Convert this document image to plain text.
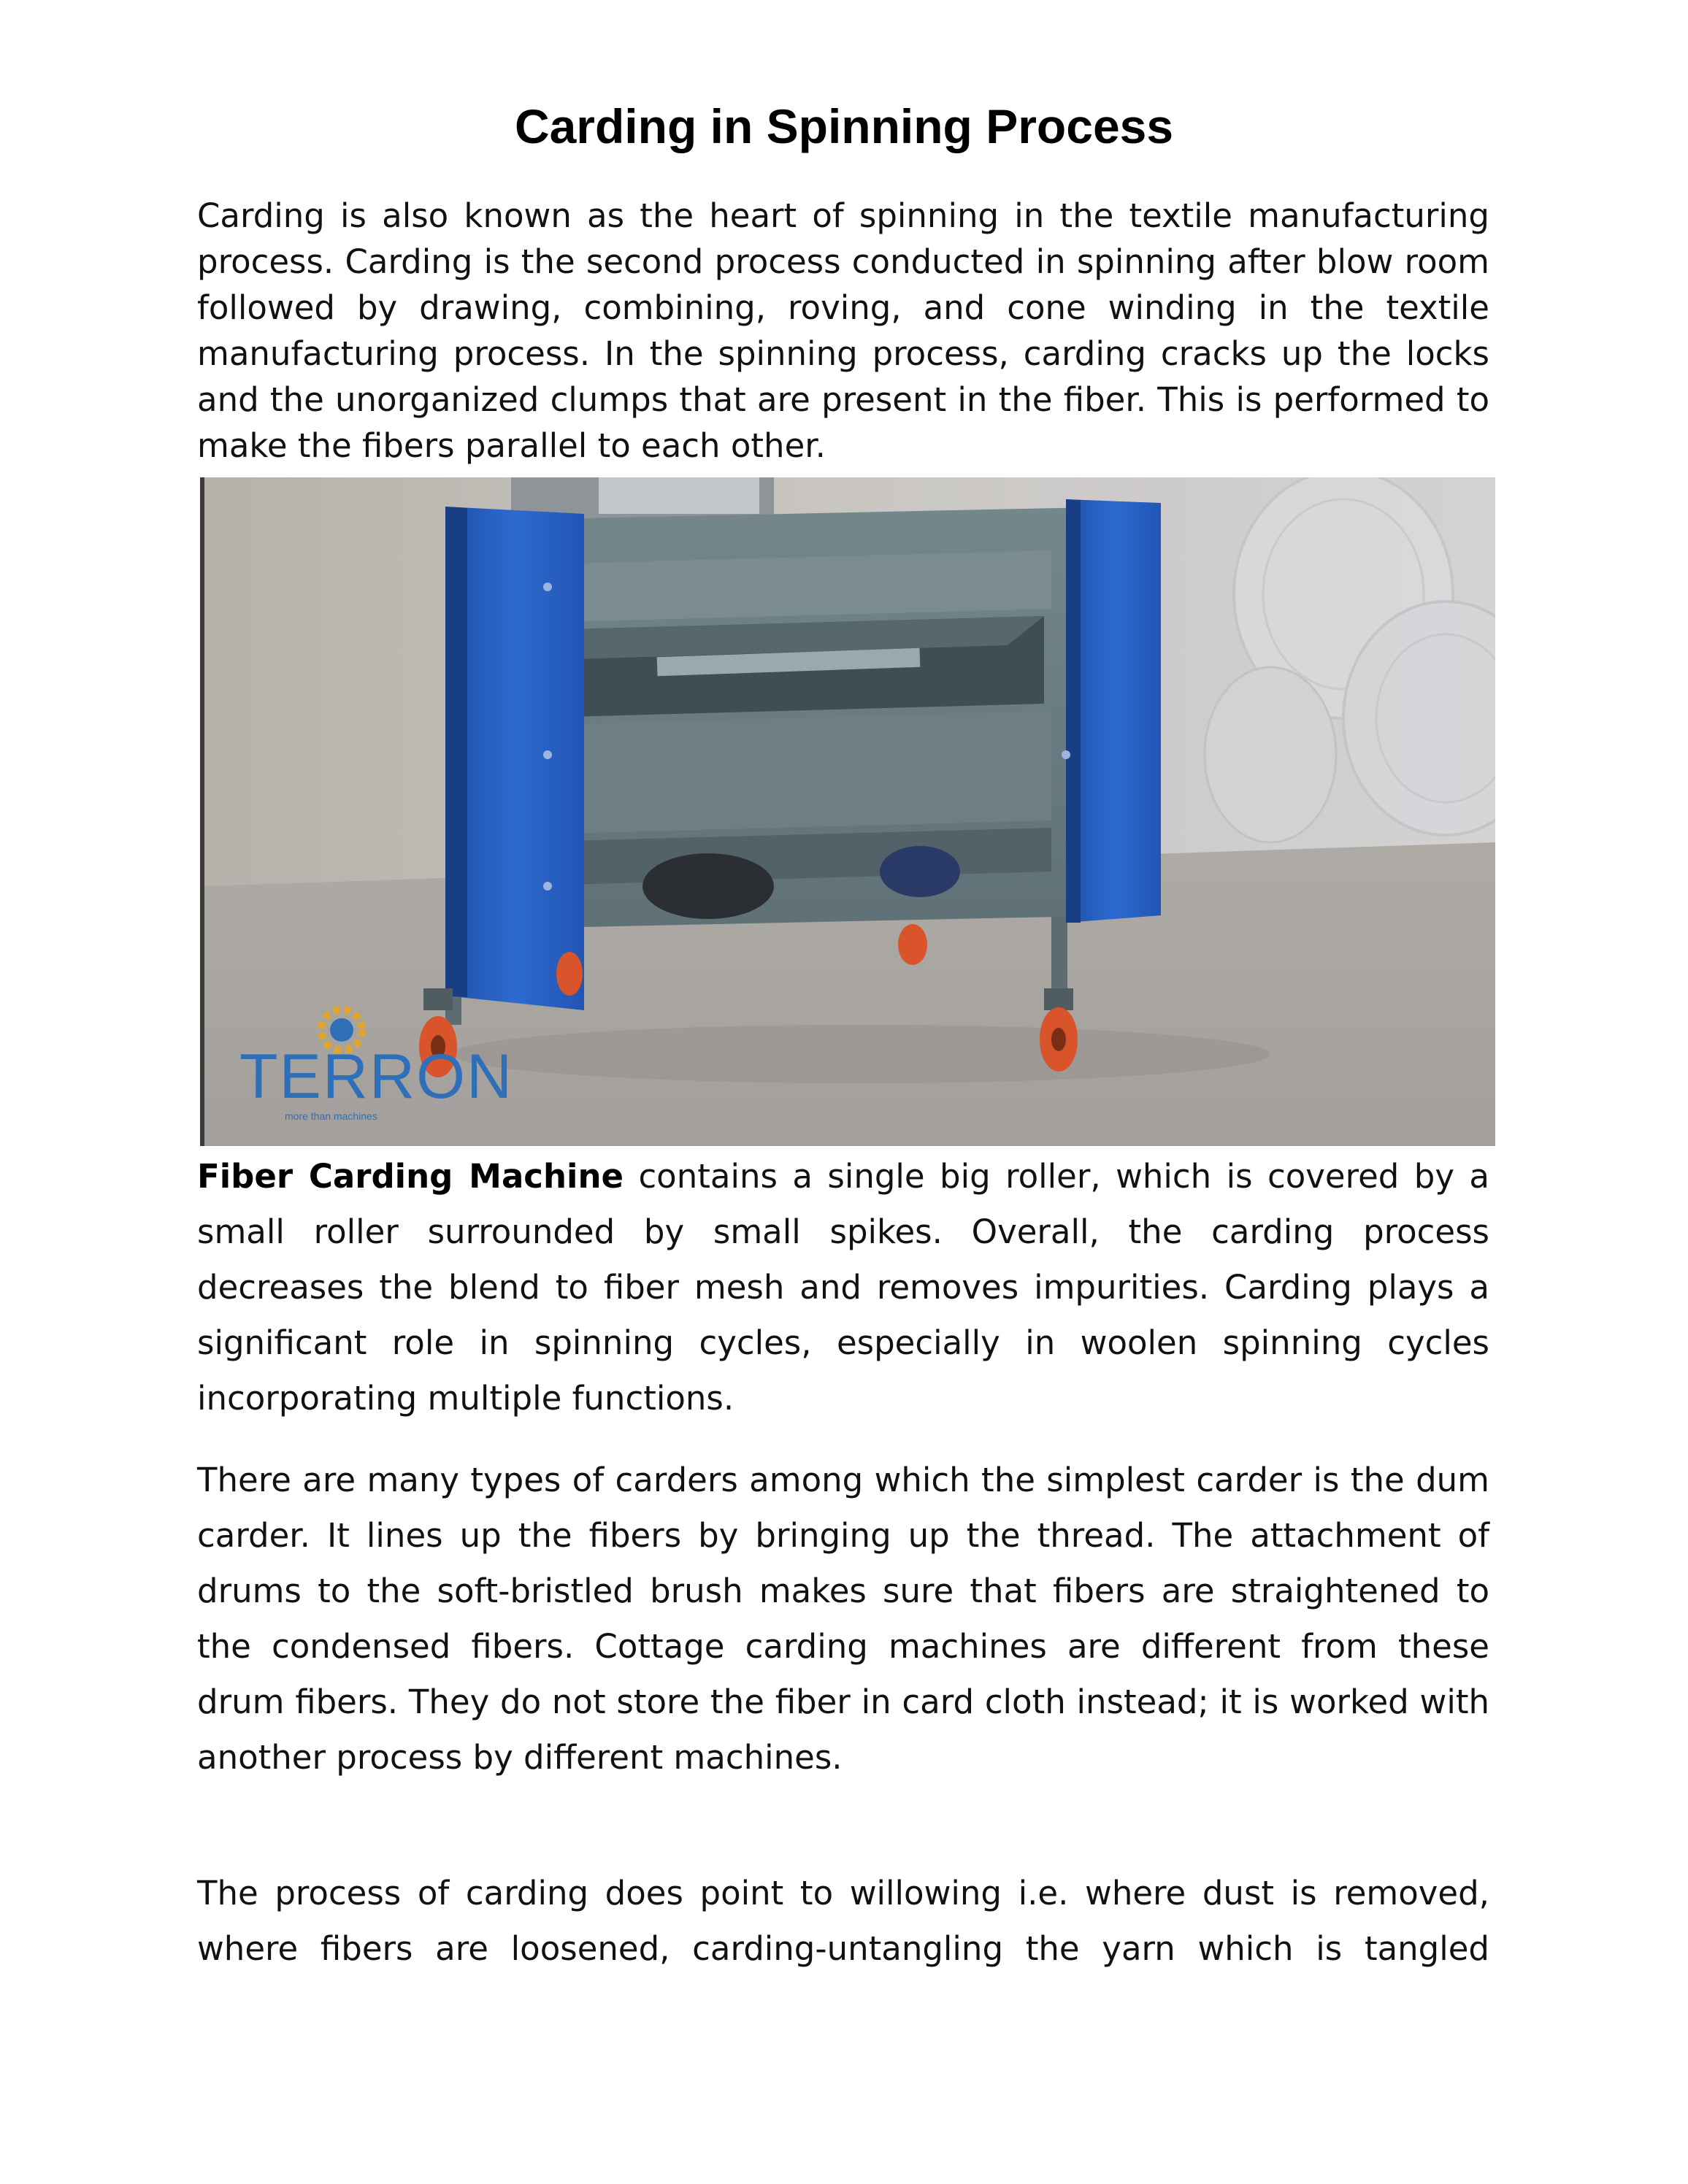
Carding in Spinning Process

Carding is also known as the heart of spinning in the textile manufacturing process. Carding is the second process conducted in spinning after blow room followed by drawing, combining, roving, and cone winding in the textile manufacturing process. In the spinning process, carding cracks up the locks and the unorganized clumps that are present in the fiber. This is performed to make the fibers parallel to each other.

TERRON
more than machines

Fiber Carding Machine contains a single big roller, which is covered by a small roller surrounded by small spikes. Overall, the carding process decreases the blend to fiber mesh and removes impurities. Carding plays a significant role in spinning cycles, especially in woolen spinning cycles incorporating multiple functions.

There are many types of carders among which the simplest carder is the dum carder. It lines up the fibers by bringing up the thread. The attachment of drums to the soft-bristled brush makes sure that fibers are straightened to the condensed fibers. Cottage carding machines are different from these drum fibers. They do not store the fiber in card cloth instead; it is worked with another process by different machines.

The process of carding does point to willowing i.e. where dust is removed, where fibers are loosened, carding-untangling the yarn which is tangled
